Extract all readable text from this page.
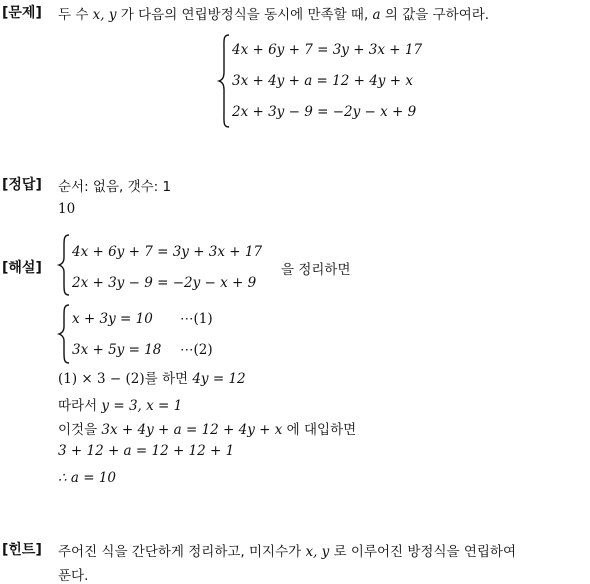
[문제] 두 수 x, y 가 다음의 연립방정식을 동시에 만족할 때, a 의 값을 구하여라.
4x + 6y + 7 = 3y + 3x + 17
3x + 4y + a = 12 + 4y + x
2x + 3y − 9 = −2y − x + 9
[정답] 순서: 없음, 갯수: 1
10
[해설]
4x + 6y + 7 = 3y + 3x + 17
2x + 3y − 9 = −2y − x + 9
을 정리하면
x + 3y = 10 ⋯(1)
3x + 5y = 18 ⋯(2)
(1) × 3 − (2)를 하면 4y = 12
따라서 y = 3, x = 1
이것을 3x + 4y + a = 12 + 4y + x 에 대입하면
3 + 12 + a = 12 + 12 + 1
∴ a = 10
[힌트] 주어진 식을 간단하게 정리하고, 미지수가 x, y 로 이루어진 방정식을 연립하여
푼다.
